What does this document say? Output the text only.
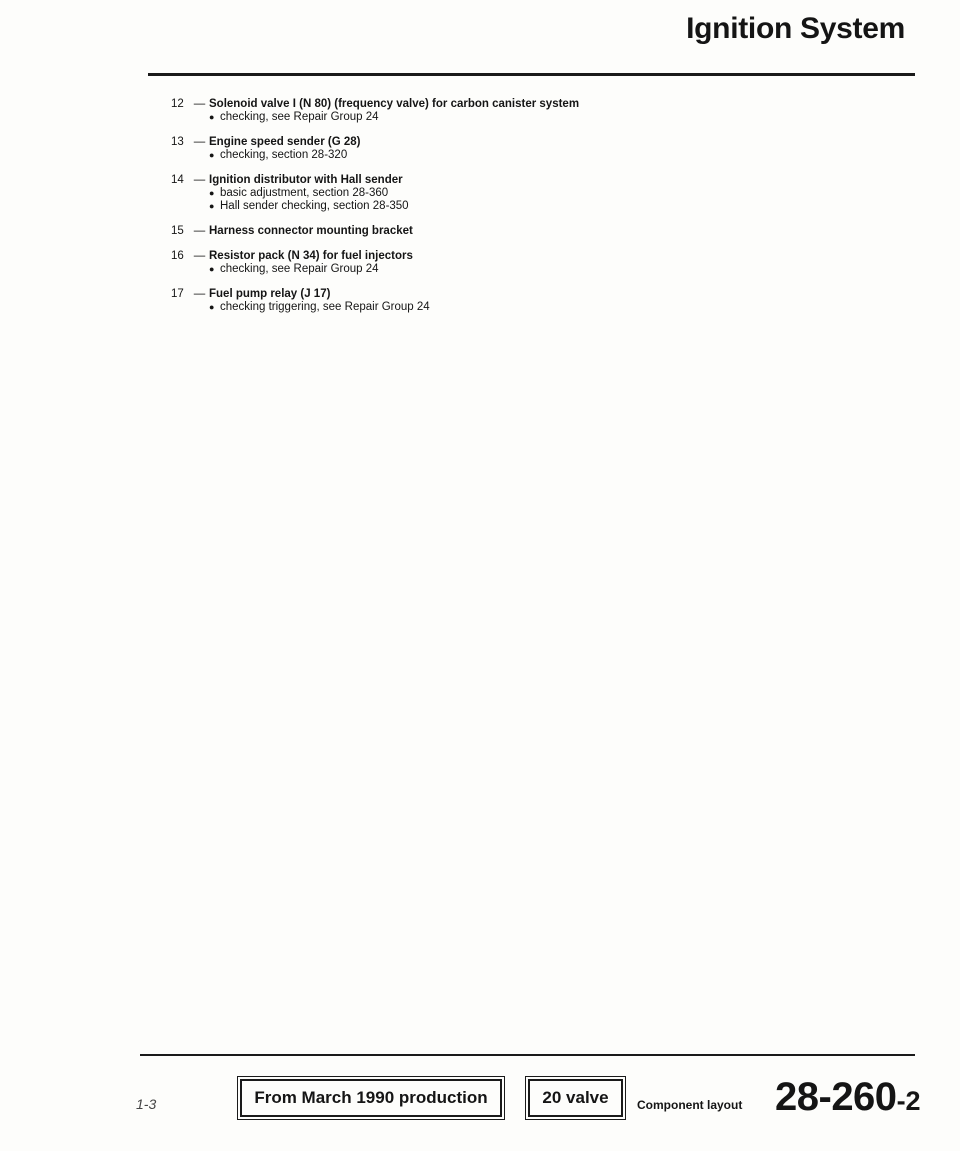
Ignition System
12 — Solenoid valve I (N 80) (frequency valve) for carbon canister system
● checking, see Repair Group 24
13 — Engine speed sender (G 28)
● checking, section 28-320
14 — Ignition distributor with Hall sender
● basic adjustment, section 28-360
● Hall sender checking, section 28-350
15 — Harness connector mounting bracket
16 — Resistor pack (N 34) for fuel injectors
● checking, see Repair Group 24
17 — Fuel pump relay (J 17)
● checking triggering, see Repair Group 24
1-3	From March 1990 production	20 valve	Component layout 28-260-2
